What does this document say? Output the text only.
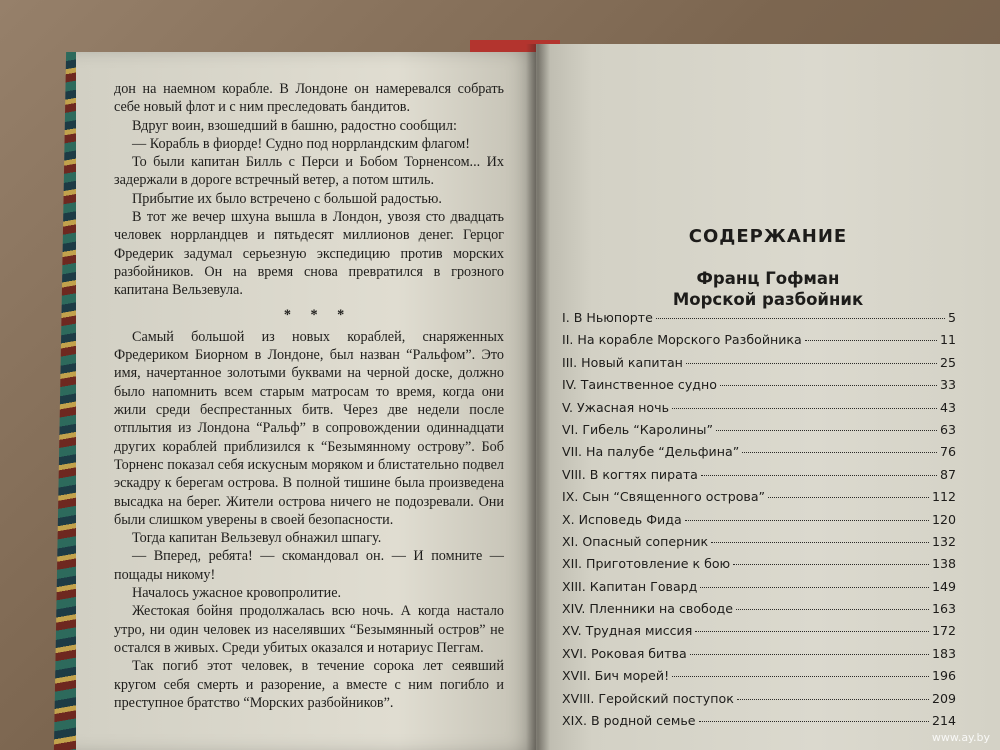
дон на наемном корабле. В Лондоне он намеревался собрать себе новый флот и с ним преследовать бандитов.

Вдруг воин, взошедший в башню, радостно сообщил:

— Корабль в фиорде! Судно под норрландским флагом!

То были капитан Билль с Перси и Бобом Торненсом... Их задержали в дороге встречный ветер, а потом штиль.

Прибытие их было встречено с большой радостью.

В тот же вечер шхуна вышла в Лондон, увозя сто двадцать человек норрландцев и пятьдесят миллионов денег. Герцог Фредерик задумал серьезную экспедицию против морских разбойников. Он на время снова превратился в грозного капитана Вельзевула.

* * *

Самый большой из новых кораблей, снаряженных Фредериком Биорном в Лондоне, был назван “Ральфом”. Это имя, начертанное золотыми буквами на черной доске, должно было напомнить всем старым матросам то время, когда они жили среди беспрестанных битв. Через две недели после отплытия из Лондона “Ральф” в сопровождении одиннадцати других кораблей приблизился к “Безымянному острову”. Боб Торненс показал себя искусным моряком и блистательно подвел эскадру к берегам острова. В полной тишине была произведена высадка на берег. Жители острова ничего не подозревали. Они были слишком уверены в своей безопасности.

Тогда капитан Вельзевул обнажил шпагу.

— Вперед, ребята! — скомандовал он. — И помните — пощады никому!

Началось ужасное кровопролитие.

Жестокая бойня продолжалась всю ночь. А когда настало утро, ни один человек из населявших “Безымянный остров” не остался в живых. Среди убитых оказался и нотариус Пеггам.

Так погиб этот человек, в течение сорока лет сеявший кругом себя смерть и разорение, а вместе с ним погибло и преступное братство “Морских разбойников”.

СОДЕРЖАНИЕ
Франц Гофман
Морской разбойник
I. В Ньюпорте	5
II. На корабле Морского Разбойника	11
III. Новый капитан	25
IV. Таинственное судно	33
V. Ужасная ночь	43
VI. Гибель “Каролины”	63
VII. На палубе “Дельфина”	76
VIII. В когтях пирата	87
IX. Сын “Священного острова”	112
X. Исповедь Фида	120
XI. Опасный соперник	132
XII. Приготовление к бою	138
XIII. Капитан Говард	149
XIV. Пленники на свободе	163
XV. Трудная миссия	172
XVI. Роковая битва	183
XVII. Бич морей!	196
XVIII. Геройский поступок	209
XIX. В родной семье	214
www.ay.by
